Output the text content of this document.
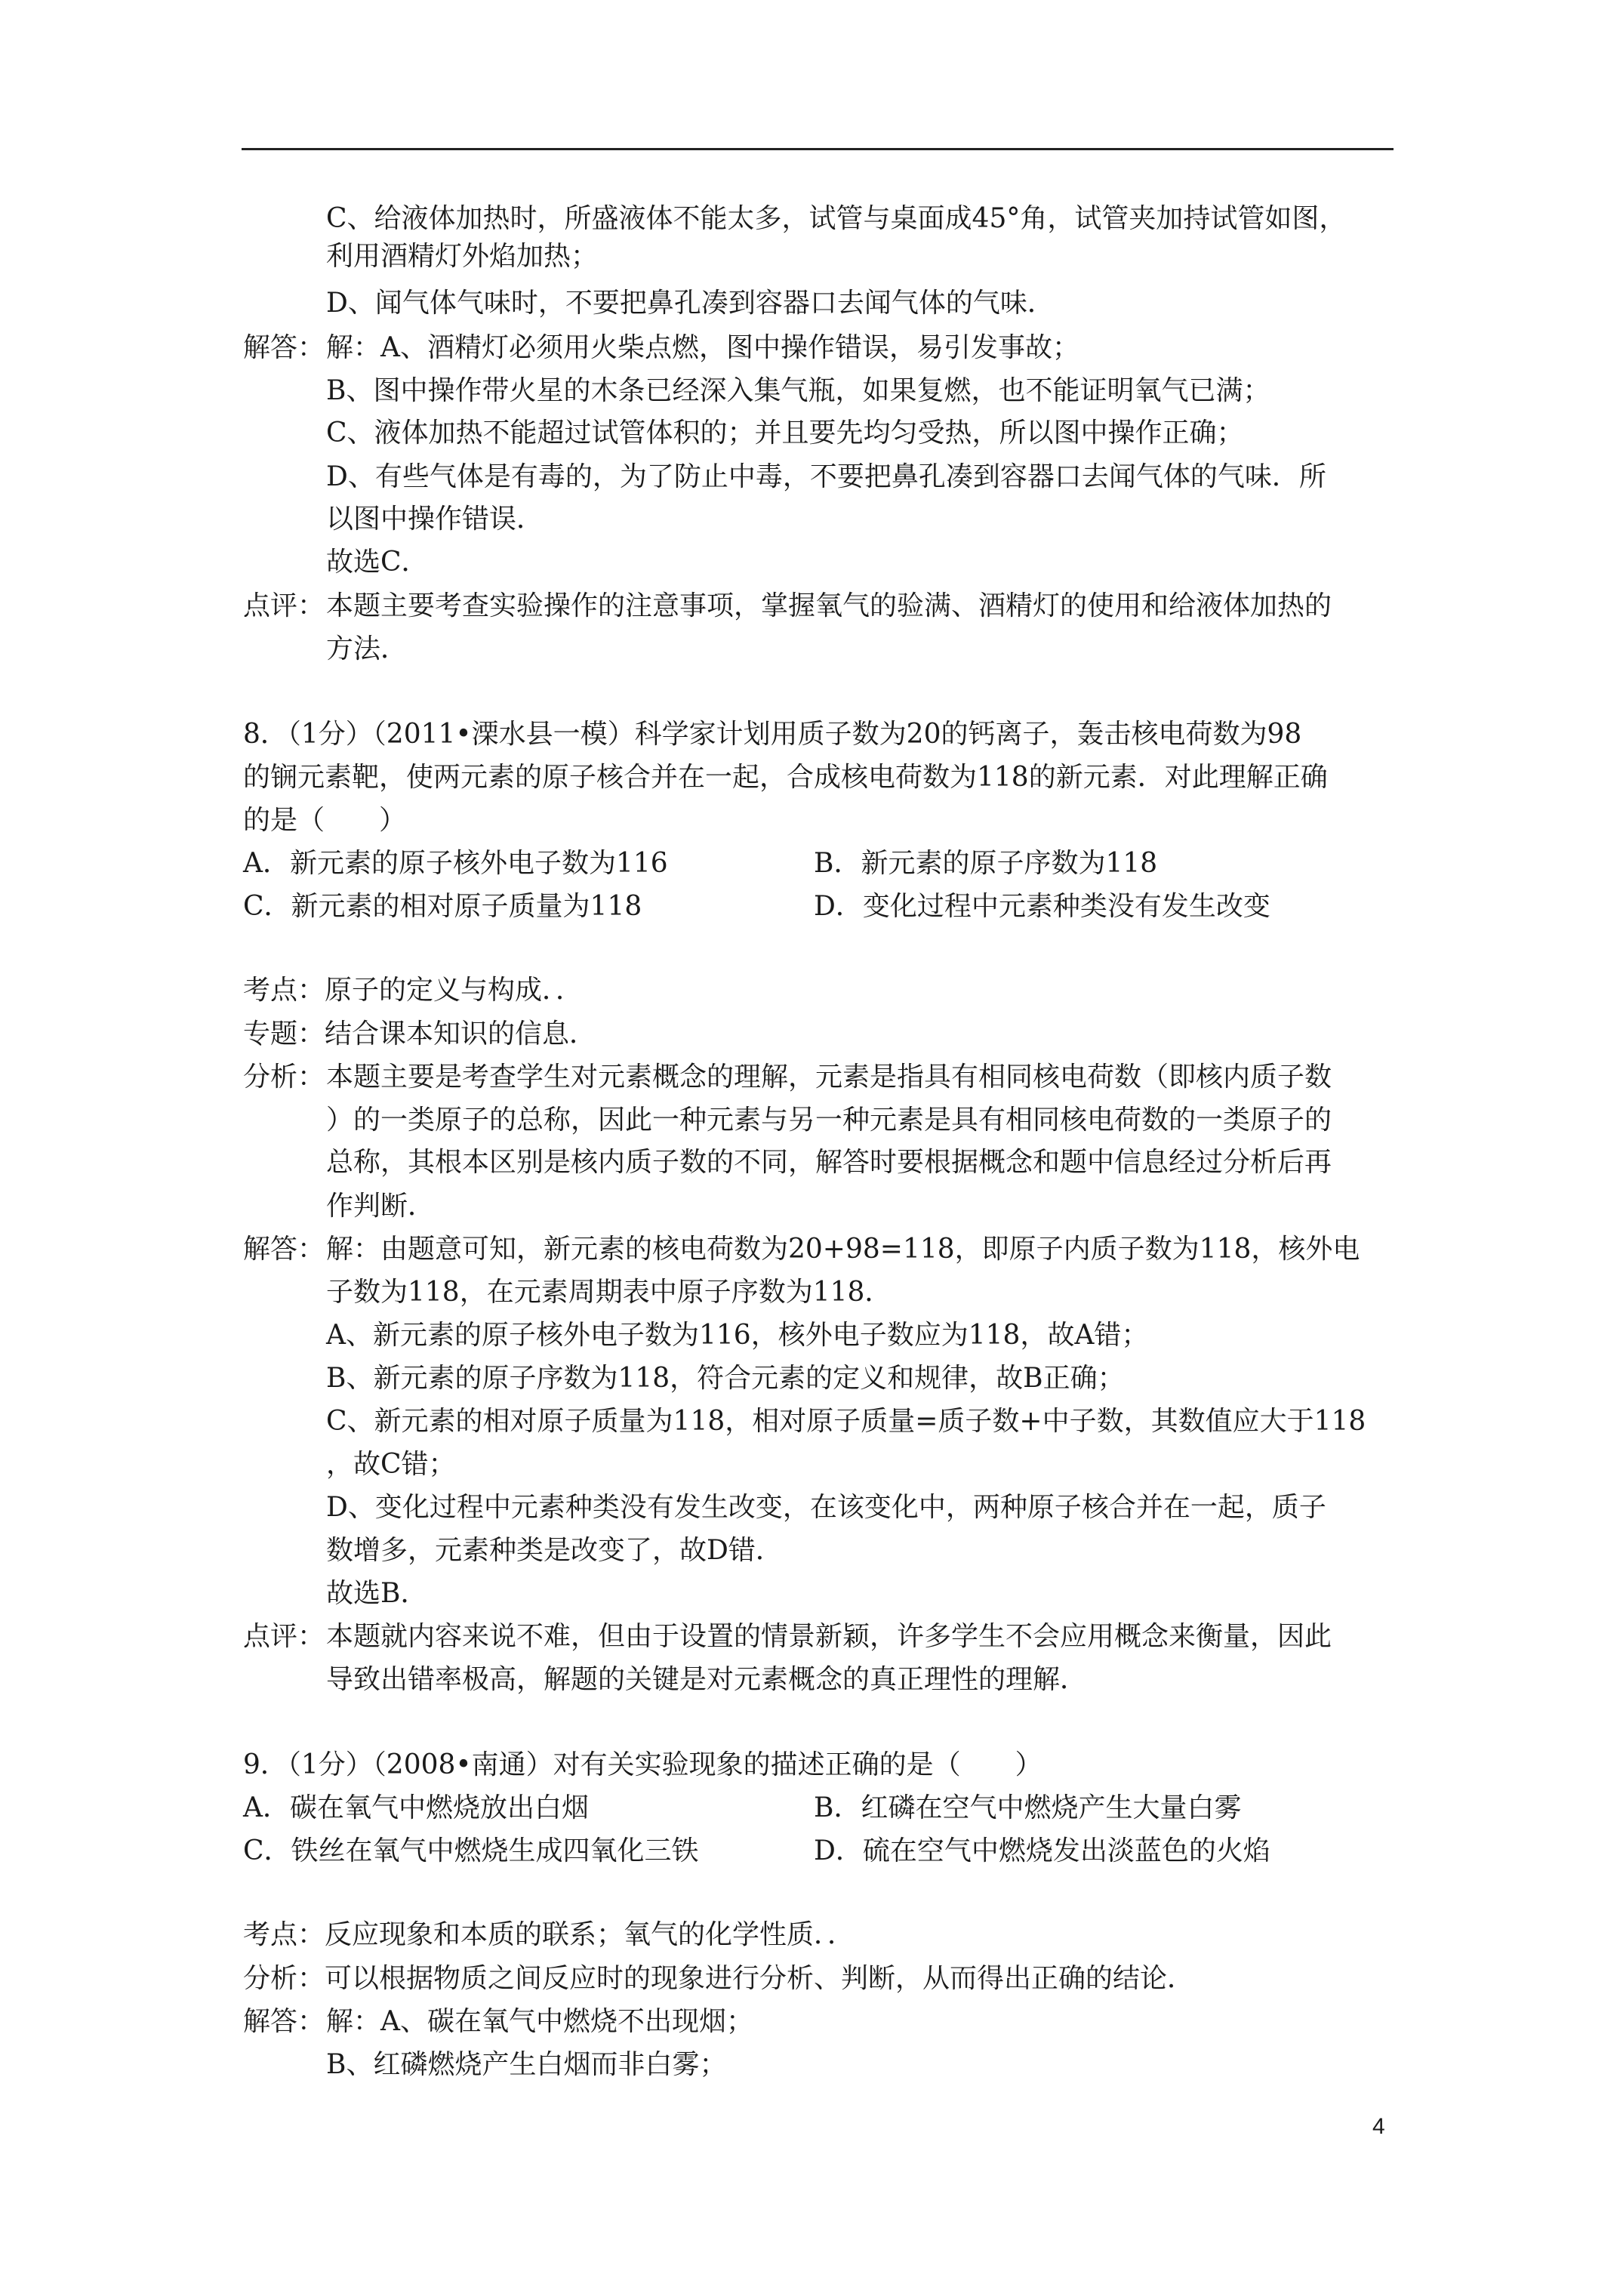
C、给液体加热时，所盛液体不能太多，试管与桌面成45°角，试管夹加持试管如图，
利用酒精灯外焰加热；
D、闻气体气味时，不要把鼻孔凑到容器口去闻气体的气味．
解答： 解：A、酒精灯必须用火柴点燃，图中操作错误，易引发事故；
B、图中操作带火星的木条已经深入集气瓶，如果复燃，也不能证明氧气已满；
C、液体加热不能超过试管体积的；并且要先均匀受热，所以图中操作正确；
D、有些气体是有毒的，为了防止中毒，不要把鼻孔凑到容器口去闻气体的气味．所
以图中操作错误．
故选C．
点评： 本题主要考查实验操作的注意事项，掌握氧气的验满、酒精灯的使用和给液体加热的
方法．
8．（1分）（2011•溧水县一模）科学家计划用质子数为20的钙离子，轰击核电荷数为98
的锎元素靶，使两元素的原子核合并在一起，合成核电荷数为118的新元素．对此理解正确
的是（　　）
A．新元素的原子核外电子数为116	B．新元素的原子序数为118
C．新元素的相对原子质量为118	D．变化过程中元素种类没有发生改变
考点：原子的定义与构成．．
专题：结合课本知识的信息．
分析： 本题主要是考查学生对元素概念的理解，元素是指具有相同核电荷数（即核内质子数
）的一类原子的总称，因此一种元素与另一种元素是具有相同核电荷数的一类原子的
总称，其根本区别是核内质子数的不同，解答时要根据概念和题中信息经过分析后再
作判断．
解答： 解：由题意可知，新元素的核电荷数为20+98=118，即原子内质子数为118，核外电
子数为118，在元素周期表中原子序数为118．
A、新元素的原子核外电子数为116，核外电子数应为118，故A错；
B、新元素的原子序数为118，符合元素的定义和规律，故B正确；
C、新元素的相对原子质量为118，相对原子质量=质子数+中子数，其数值应大于118
，故C错；
D、变化过程中元素种类没有发生改变，在该变化中，两种原子核合并在一起，质子
数增多，元素种类是改变了，故D错．
故选B．
点评： 本题就内容来说不难，但由于设置的情景新颖，许多学生不会应用概念来衡量，因此
导致出错率极高，解题的关键是对元素概念的真正理性的理解．
9．（1分）（2008•南通）对有关实验现象的描述正确的是（　　）
A．碳在氧气中燃烧放出白烟	B．红磷在空气中燃烧产生大量白雾
C．铁丝在氧气中燃烧生成四氧化三铁	D．硫在空气中燃烧发出淡蓝色的火焰
考点：反应现象和本质的联系；氧气的化学性质．．
分析：可以根据物质之间反应时的现象进行分析、判断，从而得出正确的结论．
解答： 解：A、碳在氧气中燃烧不出现烟；
B、红磷燃烧产生白烟而非白雾；
4
